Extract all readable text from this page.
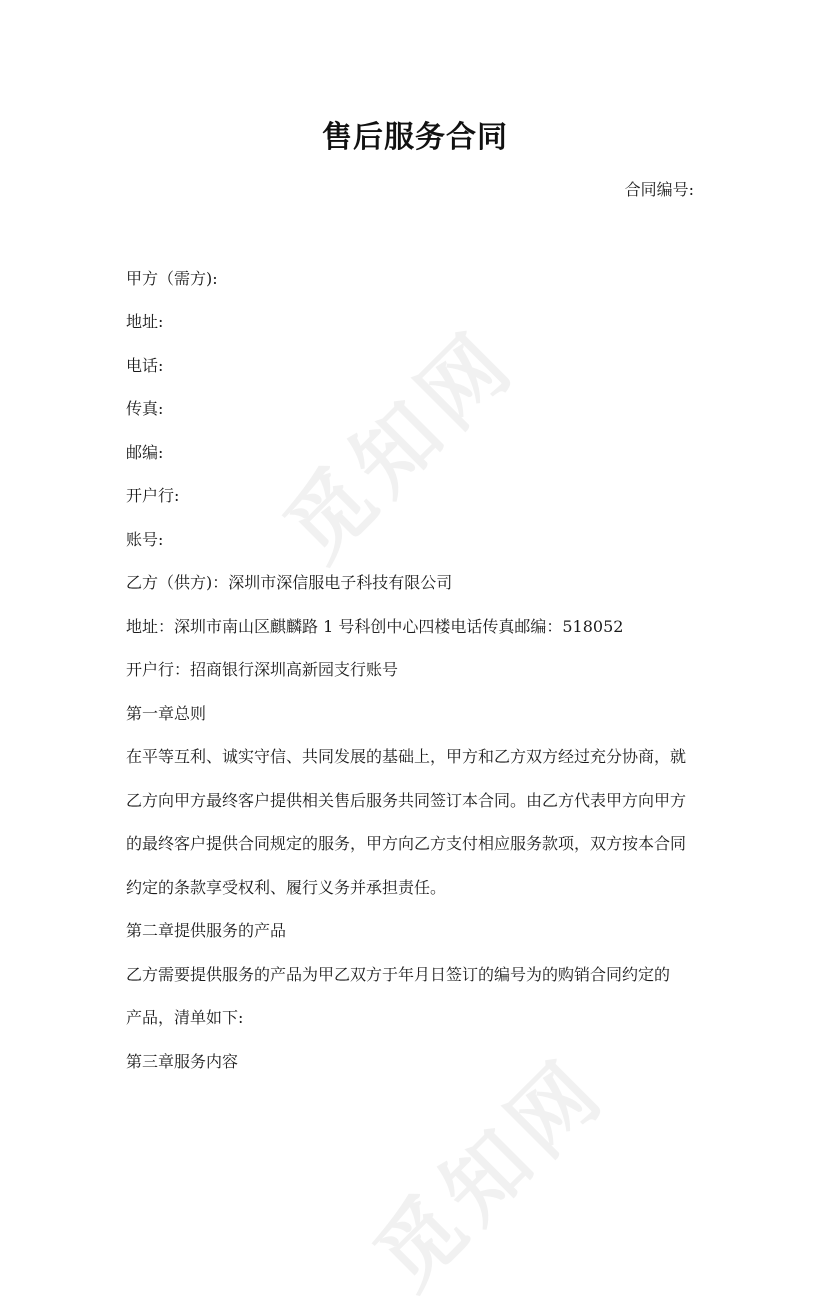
觅知网
觅知网
售后服务合同
合同编号:
甲方（需方):
地址:
电话:
传真:
邮编:
开户行:
账号:
乙方（供方)：深圳市深信服电子科技有限公司
地址：深圳市南山区麒麟路 1 号科创中心四楼电话传真邮编：518052
开户行：招商银行深圳高新园支行账号
第一章总则
在平等互利、诚实守信、共同发展的基础上，甲方和乙方双方经过充分协商，就
乙方向甲方最终客户提供相关售后服务共同签订本合同。由乙方代表甲方向甲方
的最终客户提供合同规定的服务，甲方向乙方支付相应服务款项，双方按本合同
约定的条款享受权利、履行义务并承担责任。
第二章提供服务的产品
乙方需要提供服务的产品为甲乙双方于年月日签订的编号为的购销合同约定的
产品，清单如下:
第三章服务内容
